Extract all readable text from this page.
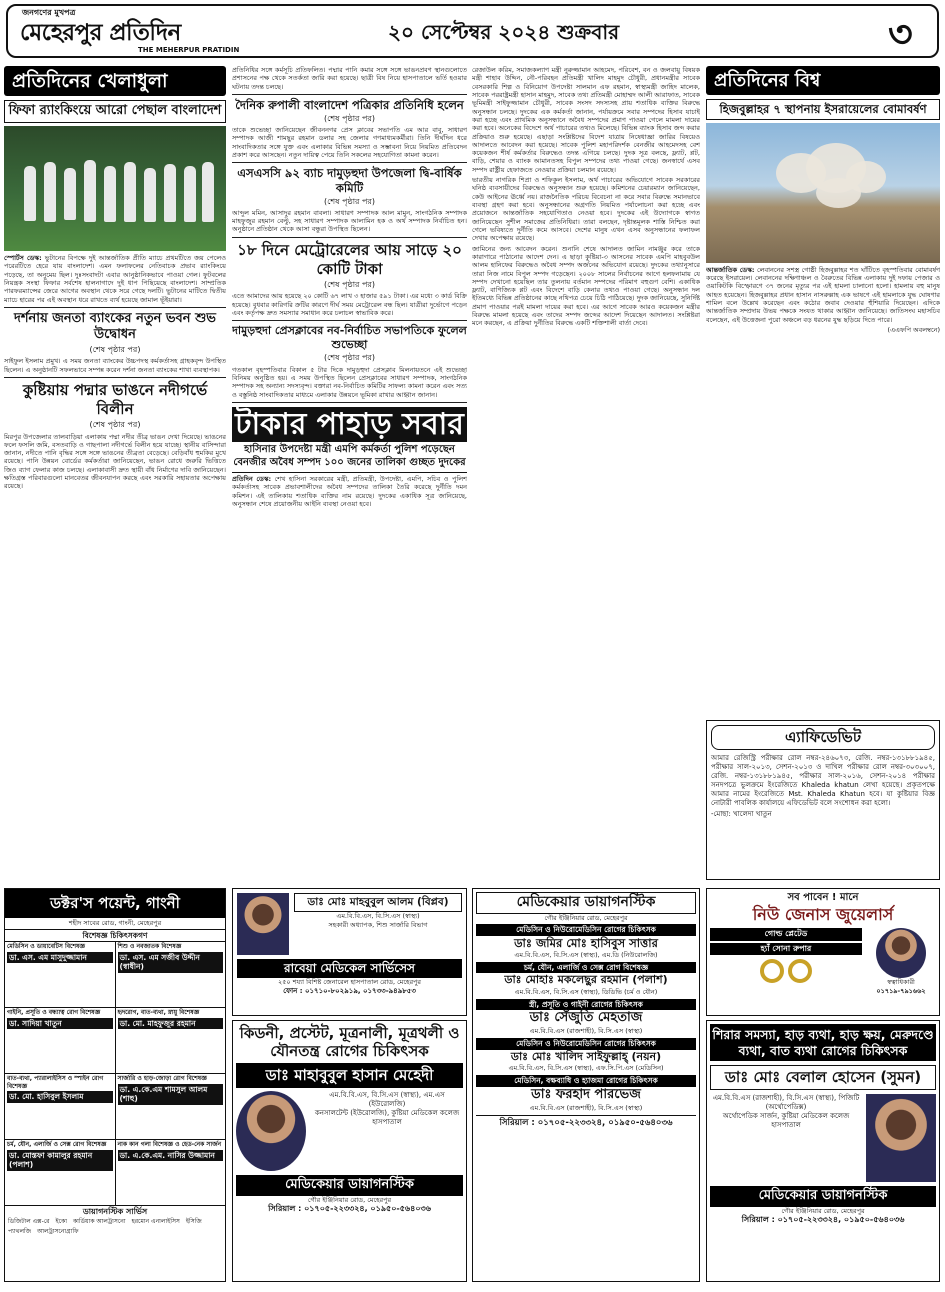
জনগণের মুখপত্র
মেহেরপুর প্রতিদিন
THE MEHERPUR PRATIDIN
২০ সেপ্টেম্বর ২০২৪ শুক্রবার	৩
প্রতিদিনের খেলাধুলা
ফিফা র‍্যাংকিংয়ে আরো পেছাল বাংলাদেশ

স্পোর্টস ডেস্ক: ভুটানের বিপক্ষে দুই আন্তর্জাতিক প্রীতি ম্যাচে প্রথমটিতে জয় পেলেও পরেরটিতে হেরে যায় বাংলাদেশ। এমন ফলাফলের নেতিবাচক প্রভাব র‍্যাংকিংয়ে পড়েছে, তা অনুমেয় ছিল। দুঃসংবাদটা এবার আনুষ্ঠানিকভাবে পাওয়া গেল। ফুটবলের নিয়ন্ত্রক সংস্থা ফিফার সর্বশেষ হালনাগাদে দুই ধাপ পিছিয়েছে বাংলাদেশ। সাম্প্রতিক পারফরম্যান্সের জেরে আগের অবস্থান থেকে সরে গেছে দলটি। ভুটানের মাটিতে দ্বিতীয় ম্যাচে হারের পর এই অবস্থান ধরে রাখতে ব্যর্থ হয়েছে জামাল ভূঁইয়ারা।

দর্শনায় জনতা ব্যাংকের নতুন ভবন শুভ উদ্বোধন
(শেষ পৃষ্ঠার পর)

সাইফুল ইসলাম প্রমুখ। এ সময় জনতা ব্যাংকের উচ্চপদস্থ কর্মকর্তাসহ গ্রাহকবৃন্দ উপস্থিত ছিলেন। এ অনুষ্ঠানটি সফলভাবে সম্পন্ন করেন দর্শনা জনতা ব্যাংকের শাখা ব্যবস্থাপক।

কুষ্টিয়ায় পদ্মার ভাঙনে নদীগর্ভে বিলীন
(শেষ পৃষ্ঠার পর)

মিরপুর উপজেলার তালবাড়িয়া এলাকায় পদ্মা নদীর তীব্র ভাঙন দেখা দিয়েছে। ভাঙনের ফলে ফসলি জমি, বসতবাড়ি ও গাছপালা নদীগর্ভে বিলীন হয়ে যাচ্ছে। স্থানীয় বাসিন্দারা জানান, নদীতে পানি বৃদ্ধির সঙ্গে সঙ্গে ভাঙনের তীব্রতা বেড়েছে। বেড়িবাঁধ হুমকির মুখে রয়েছে। পানি উন্নয়ন বোর্ডের কর্মকর্তারা জানিয়েছেন, ভাঙন রোধে জরুরি ভিত্তিতে জিও ব্যাগ ফেলার কাজ চলছে। এলাকাবাসী দ্রুত স্থায়ী বাঁধ নির্মাণের দাবি জানিয়েছেন। ক্ষতিগ্রস্ত পরিবারগুলো মানবেতর জীবনযাপন করছে এবং সরকারি সহায়তার অপেক্ষায় রয়েছে।

প্রতিনিধির সঙ্গে কর্মসূচি প্রতিফলিত। পদ্মার পানি কমার সঙ্গে সঙ্গে ভাঙনপ্রবণ স্থানগুলোতে প্রশাসনের পক্ষ থেকে সতর্কতা জারি করা হয়েছে। ছাত্রী বিষ নিয়ে হাসপাতালে ভর্তি হওয়ার ঘটনায় তদন্ত চলছে।

দৈনিক রুপালী বাংলাদেশ পত্রিকার প্রতিনিধি হলেন
(শেষ পৃষ্ঠার পর)

তাকে শুভেচ্ছা জানিয়েছেন জীবননগর প্রেস ক্লাবের সভাপতি এম আর বাবু, সাধারণ সম্পাদক আজী শামছুর রহমান ডলার সহ জেলার গণমাধ্যমকর্মীরা। তিনি দীর্ঘদিন ধরে সাংবাদিকতার সঙ্গে যুক্ত এবং এলাকার বিভিন্ন সমস্যা ও সম্ভাবনা নিয়ে নিয়মিত প্রতিবেদন প্রকাশ করে আসছেন। নতুন দায়িত্ব পেয়ে তিনি সকলের সহযোগিতা কামনা করেন।

এসএসসি ৯২ ব্যাচ দামুড়হুদা উপজেলা দ্বি-বার্ষিক কমিটি
(শেষ পৃষ্ঠার পর)

আব্দুল মমিন, আসাদুর রহমান বাবলা। সাধারণ সম্পাদক আল মামুন, সাংগঠনিক সম্পাদক মাহফুজুর রহমান বেল্টু, সহ সাধারণ সম্পাদক আলামিন হক ও অর্থ সম্পাদক নির্বাচিত হন। অনুষ্ঠানে প্রতিষ্ঠান থেকে আসা বন্ধুরা উপস্থিত ছিলেন।

১৮ দিনে মেট্রোরেলের আয় সাড়ে ২০ কোটি টাকা
(শেষ পৃষ্ঠার পর)

এতে আমাদের আয় হয়েছে ২০ কোটি ৬৭ লাখ ৩ হাজার ৫৯১ টাকা। এর মধ্যে ৩ কার্ড বিক্রি হয়েছে। বুধবার কারিগরি ক্রটির কারণে দীর্ঘ সময় মেট্রোরেল বন্ধ ছিল। যাত্রীরা দুর্ভোগে পড়েন এবং কর্তৃপক্ষ দ্রুত সমস্যার সমাধান করে চলাচল স্বাভাবিক করে।

দামুড়হুদা প্রেসক্লাবের নব-নির্বাচিত সভাপতিকে ফুলেল শুভেচ্ছা
(শেষ পৃষ্ঠার পর)

গতকাল বৃহস্পতিবার বিকাল ৫ টার দিকে দামুড়হুদা প্রেসক্লাব মিলনায়তনে এই শুভেচ্ছা বিনিময় অনুষ্ঠিত হয়। এ সময় উপস্থিত ছিলেন প্রেসক্লাবের সাধারণ সম্পাদক, সাংগঠনিক সম্পাদক সহ অন্যান্য সদস্যবৃন্দ। বক্তারা নব-নির্বাচিত কমিটির সাফল্য কামনা করেন এবং সত্য ও বস্তুনিষ্ঠ সাংবাদিকতার মাধ্যমে এলাকার উন্নয়নে ভূমিকা রাখার আহ্বান জানান।

টাকার পাহাড় সবার
হাসিনার উপদেষ্টা মন্ত্রী এমপি কর্মকর্তা পুলিশ পড়েছেন
বেনজীর অবৈধ সম্পদ ১০০ জনের তালিকা গুচ্ছত দুদকের

প্রতিদিন ডেস্ক: শেখ হাসিনা সরকারের মন্ত্রী, প্রতিমন্ত্রী, উপদেষ্টা, এমপি, সচিব ও পুলিশ কর্মকর্তাসহ সাবেক প্রভাবশালীদের অবৈধ সম্পদের তালিকা তৈরি করেছে দুর্নীতি দমন কমিশন। এই তালিকায় শতাধিক ব্যক্তির নাম রয়েছে। দুদকের একাধিক সূত্র জানিয়েছে, অনুসন্ধান শেষে প্রয়োজনীয় আইনি ব্যবস্থা নেওয়া হবে।

রেজাউল করিম, সমাজকল্যাণ মন্ত্রী নুরুজ্জামান আহমেদ, পরিবেশ, বন ও জলবায়ু বিষয়ক মন্ত্রী শাহাব উদ্দিন, নৌ-পরিবহন প্রতিমন্ত্রী খালিদ মাহমুদ চৌধুরী, প্রধানমন্ত্রীর সাবেক বেসরকারি শিল্প ও বিনিয়োগ উপদেষ্টা সালমান এফ রহমান, স্বাস্থ্যমন্ত্রী জাহিদ মালেক, সাবেক পররাষ্ট্রমন্ত্রী হাসান মাহমুদ, সাবেক তথ্য প্রতিমন্ত্রী মোহাম্মদ আলী আরাফাত, সাবেক ভূমিমন্ত্রী সাইফুজ্জামান চৌধুরী, সাবেক সংসদ সদস্যসহ প্রায় শতাধিক ব্যক্তির বিরুদ্ধে অনুসন্ধান চলছে। দুদকের এক কর্মকর্তা জানান, পর্যায়ক্রমে সবার সম্পদের হিসাব যাচাই করা হচ্ছে এবং প্রাথমিক অনুসন্ধানে অবৈধ সম্পদের প্রমাণ পাওয়া গেলে মামলা দায়ের করা হবে। অনেকের বিদেশে অর্থ পাচারের তথ্যও মিলেছে। বিভিন্ন ব্যাংক হিসাব জব্দ করার প্রক্রিয়াও শুরু হয়েছে। এছাড়া সংশ্লিষ্টদের বিদেশ যাত্রায় নিষেধাজ্ঞা জারির বিষয়েও আদালতে আবেদন করা হয়েছে। সাবেক পুলিশ মহাপরিদর্শক বেনজীর আহমেদসহ বেশ কয়েকজন শীর্ষ কর্মকর্তার বিরুদ্ধেও তদন্ত এগিয়ে চলছে। দুদক সূত্র বলছে, ফ্ল্যাট, প্লট, বাড়ি, শেয়ার ও ব্যাংক আমানতসহ বিপুল সম্পদের তথ্য পাওয়া গেছে। জনস্বার্থে এসব সম্পদ রাষ্ট্রীয় হেফাজতে নেওয়ার প্রক্রিয়া চলমান রয়েছে।

ভারতীয় নাগরিক শিপ্রা ও শফিকুল ইসলাম, অর্থ পাচারের অভিযোগে সাবেক সরকারের ঘনিষ্ঠ ব্যবসায়ীদের বিরুদ্ধেও অনুসন্ধান শুরু হয়েছে। কমিশনের চেয়ারম্যান জানিয়েছেন, কেউ আইনের ঊর্ধ্বে নয়। রাজনৈতিক পরিচয় বিবেচনা না করে সবার বিরুদ্ধে সমানভাবে ব্যবস্থা গ্রহণ করা হবে। অনুসন্ধানের অগ্রগতি নিয়মিত পর্যালোচনা করা হচ্ছে এবং প্রয়োজনে আন্তর্জাতিক সহযোগিতাও নেওয়া হবে। দুদকের এই উদ্যোগকে স্বাগত জানিয়েছেন সুশীল সমাজের প্রতিনিধিরা। তারা বলছেন, দৃষ্টান্তমূলক শাস্তি নিশ্চিত করা গেলে ভবিষ্যতে দুর্নীতি কমে আসবে। দেশের মানুষ এখন এসব অনুসন্ধানের ফলাফল দেখার অপেক্ষায় রয়েছে।

জামিনের জন্য আবেদন করেন। শুনানি শেষে আদালত জামিন নামঞ্জুর করে তাকে কারাগারে পাঠানোর আদেশ দেন। এ ছাড়া কুষ্টিয়া-৩ আসনের সাবেক এমপি মাহবুবউল আলম হানিফের বিরুদ্ধেও অবৈধ সম্পদ অর্জনের অভিযোগ রয়েছে। দুদকের তথ্যানুসারে তারা নিজ নামে বিপুল সম্পদ গড়েছেন। ২০০৮ সালের নির্বাচনের আগে হলফনামায় যে সম্পদ দেখানো হয়েছিল তার তুলনায় বর্তমান সম্পদের পরিমাণ বহুগুণ বেশি। একাধিক ফ্ল্যাট, বাণিজ্যিক প্লট এবং বিদেশে বাড়ি কেনার তথ্যও পাওয়া গেছে। অনুসন্ধান দল ইতিমধ্যে বিভিন্ন প্রতিষ্ঠানের কাছে নথিপত্র চেয়ে চিঠি পাঠিয়েছে। দুদক জানিয়েছে, সুনির্দিষ্ট প্রমাণ পাওয়ার পরই মামলা দায়ের করা হবে। এর আগে সাবেক আরও কয়েকজন মন্ত্রীর বিরুদ্ধে মামলা হয়েছে এবং তাদের সম্পদ জব্দের আদেশ দিয়েছেন আদালত। সংশ্লিষ্টরা মনে করছেন, এ প্রক্রিয়া দুর্নীতির বিরুদ্ধে একটি শক্তিশালী বার্তা দেবে।

প্রতিদিনের বিশ্ব
হিজবুল্লাহর ৭ স্থাপনায় ইসরায়েলের বোমাবর্ষণ

আন্তর্জাতিক ডেস্ক: লেবাননের সশস্ত্র গোষ্ঠী হিজবুল্লাহর শত ঘাঁটিতে বৃহস্পতিবার বোমাবর্ষণ করেছে ইসরায়েল। লেবাননের দক্ষিণাঞ্চল ও বৈরুতের বিভিন্ন এলাকায় দুই দফায় পেজার ও ওয়াকিটকি বিস্ফোরণে ৩৭ জনের মৃত্যুর পর এই হামলা চালানো হলো। হামলায় বহু মানুষ আহত হয়েছেন। হিজবুল্লাহর প্রধান হাসান নাসরুল্লাহ এক ভাষণে এই হামলাকে যুদ্ধ ঘোষণার শামিল বলে উল্লেখ করেছেন এবং কঠোর জবাব দেওয়ার হুঁশিয়ারি দিয়েছেন। এদিকে আন্তর্জাতিক সম্প্রদায় উভয় পক্ষকে সংযত থাকার আহ্বান জানিয়েছে। জাতিসংঘ মহাসচিব বলেছেন, এই উত্তেজনা পুরো অঞ্চলে বড় ধরনের যুদ্ধ ছড়িয়ে দিতে পারে।

(এএফপি অবলম্বনে)
এ্যাফিডেভিট

আমার রেজিস্ট্রি পরীক্ষার রোল নম্বর-২৪৬০৭৩, রেজি. নম্বর-১৩১৮৮১৯৪৫, পরীক্ষার সাল-২০১৩, সেশন-২০১৩ ও দাখিল পরীক্ষার রোল নম্বর-৩০৩০০৭, রেজি. নম্বর-১৩১৮৮১৯৪৫, পরীক্ষার সাল-২০১৬, সেশন-২০১৪ পরীক্ষার সনদপত্রে ভুলক্রমে ইংরেজিতে Khaleda khatun লেখা হয়েছে। প্রকৃতপক্ষে আমার নামের ইংরেজিতে Mst. Khaleda Khatun হবে। যা কুষ্টিয়ার বিজ্ঞ নোটারী পাবলিক কার্যালয়ে এফিডেভিট বলে সংশোধন করা হলো।

-মোছা: খালেদা খাতুন

ডক্টর'স পয়েন্ট, গাংনী
শহীদ সাবের রোড, গাংনী, মেহেরপুর
বিশেষজ্ঞ চিকিৎসকগণ
মেডিসিন ও ডায়াবেটিস বিশেষজ্ঞ
ডা. এস. এম মাসুদুজ্জামান
শিশু ও নবজাতক বিশেষজ্ঞ
ডা. এস. এম সজীব উদ্দীন (স্বাধীন)
গাইনি, প্রসূতি ও বন্ধ্যাত্ব রোগ বিশেষজ্ঞ
ডা. সাদিয়া খাতুন
হৃদরোগ, বাত-ব্যথা, স্নায়ু বিশেষজ্ঞ
ডা. মো. মাহফুজুর রহমান
বাত-ব্যথা, প্যারালাইসিস ও স্পাইন রোগ বিশেষজ্ঞ
ডা. মো. হাসিবুল ইসলাম
সার্জারি ও হাড়-জোড়া রোগ বিশেষজ্ঞ
ডা. এ.কে.এম শামসুল আলম (শাহু)
চর্ম, যৌন, এলার্জি ও সেক্স রোগ বিশেষজ্ঞ
ডা. মোস্তফা কামালুর রহমান (পলাশ)
নাক কান গলা বিশেষজ্ঞ ও হেড-নেক সার্জন
ডা. এ.কে.এম. নাসির উজ্জামান
ডায়াগনস্টিক সার্ভিস
ডিজিটাল এক্স-রে ইকো কার্ডিয়াক আলট্রাসনো হরমোন এনালাইসিস ইসিজি
প্যাথলজি আলট্রাসনোগ্রাফি
ডাঃ মোঃ মাহবুবুল আলম (বিপ্লব)
এম.বি.বি.এস, বি.সি.এস (স্বাস্থ্য)
সহকারী অধ্যাপক, শিশু সার্জারি বিভাগ
রাবেয়া মেডিকেল সার্ভিসেস
২৫০ শয্যা বিশিষ্ট জেনারেল হাসপাতাল রোড, মেহেরপুর
ফোন : ০১৭১০-৮০২৯১৯, ০১৭৩৩-৯৪৯৮৫৩
কিডনী, প্রস্টেট, মূত্রনালী, মূত্রথলী ও যৌনতন্ত্র রোগের চিকিৎসক
ডাঃ মাহাবুবুল হাসান মেহেদী
এম.বি.বি.এস, বি.সি.এস (স্বাস্থ্য), এম.এস (ইউরোলজি)
কনসালটেন্ট (ইউরোলজি), কুষ্টিয়া মেডিকেল কলেজ হাসপাতাল
মেডিকেয়ার ডায়াগনস্টিক
গৌর ইঞ্জিনিয়ার রোড, মেহেরপুর
সিরিয়াল : ০১৭০৫-২২৩৩২৪, ০১৯৫০-৫৬৪০৩৬
মেডিকেয়ার ডায়াগনস্টিক
গৌর ইঞ্জিনিয়ার রোড, মেহেরপুর
মেডিসিন ও নিউরোমেডিসিন রোগের চিকিৎসক
ডাঃ জমির মোঃ হাসিবুস সাত্তার
এম.বি.বি.এস, বি.সি.এস (স্বাস্থ্য), এম.ডি (নিউরোলজি)
চর্ম, যৌন, এলার্জি ও সেক্স রোগ বিশেষজ্ঞ
ডাঃ মোহাঃ মকলেছুর রহমান (পলাশ)
এম.বি.বি.এস, বি.সি.এস (স্বাস্থ্য), ডিডিভি (চর্ম ও যৌন)
স্ত্রী, প্রসূতি ও গাইনী রোগের চিকিৎসক
ডাঃ সেঁজুতি মেহতাজ
এম.বি.বি.এস (রাজশাহী), বি.সি.এস (স্বাস্থ্য)
মেডিসিন ও নিউরোমেডিসিন রোগের চিকিৎসক
ডাঃ মোঃ খালিদ সাইফুল্লাহ্ (নয়ন)
এম.বি.বি.এস, বি.সি.এস (স্বাস্থ্য), এফ.সি.পি.এস (মেডিসিন)
মেডিসিন, বক্ষব্যাধি ও হ্যাজমা রোগের চিকিৎসক
ডাঃ ফরহাদ পারভেজ
এম.বি.বি.এস (রাজশাহী), বি.সি.এস (স্বাস্থ্য)
সিরিয়াল : ০১৭০৫-২২৩৩২৪, ০১৯৫০-৫৬৪০৩৬
সব পাবেন ! মানে
নিউ জেনাস জুয়েলার্স
গোল্ড প্লেটেড
হ্যাঁ সোনা রুপার
স্বত্বাধিকারী
০১৭১৯-৭৯১৬৬২
শিরার সমস্যা, হাড় ব্যথা, হাড় ক্ষয়, মেরুদণ্ডে ব্যথা, বাত ব্যথা রোগের চিকিৎসক
ডাঃ মোঃ বেলাল হোসেন (সুমন)
এম.বি.বি.এস (রাজশাহী), বি.সি.এস (স্বাস্থ্য), পিজিটি (অর্থোপেডিক্স)
অর্থোপেডিক সার্জন, কুষ্টিয়া মেডিকেল কলেজ হাসপাতাল
মেডিকেয়ার ডায়াগনস্টিক
গৌর ইঞ্জিনিয়ার রোড, মেহেরপুর
সিরিয়াল : ০১৭০৫-২২৩৩২৪, ০১৯৫০-৫৬৪০৩৬
